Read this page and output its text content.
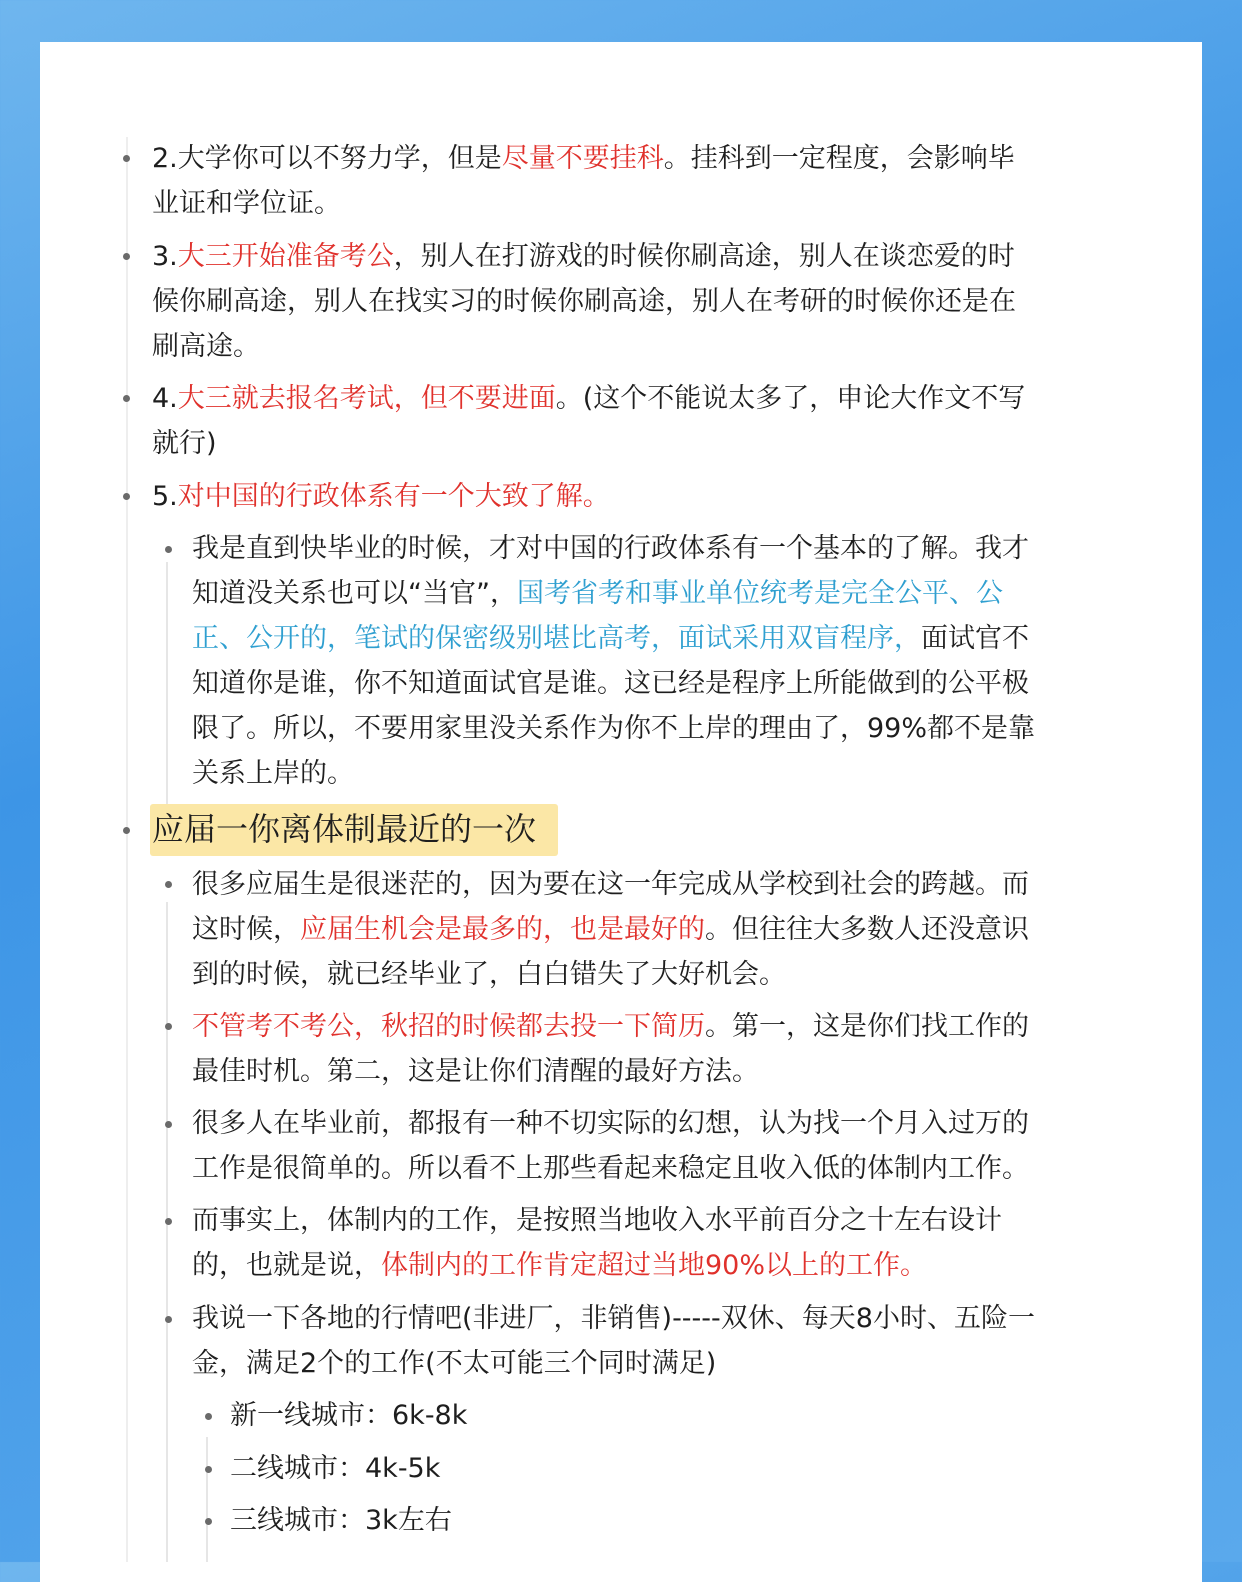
2.大学你可以不努力学，但是尽量不要挂科。挂科到一定程度，会影响毕
业证和学位证。
3.大三开始准备考公，别人在打游戏的时候你刷高途，别人在谈恋爱的时
候你刷高途，别人在找实习的时候你刷高途，别人在考研的时候你还是在
刷高途。
4.大三就去报名考试，但不要进面。(这个不能说太多了，申论大作文不写
就行)
5.对中国的行政体系有一个大致了解。
我是直到快毕业的时候，才对中国的行政体系有一个基本的了解。我才
知道没关系也可以“当官”，国考省考和事业单位统考是完全公平、公
正、公开的，笔试的保密级别堪比高考，面试采用双盲程序，面试官不
知道你是谁，你不知道面试官是谁。这已经是程序上所能做到的公平极
限了。所以，不要用家里没关系作为你不上岸的理由了，99%都不是靠
关系上岸的。
应届一你离体制最近的一次
很多应届生是很迷茫的，因为要在这一年完成从学校到社会的跨越。而
这时候，应届生机会是最多的，也是最好的。但往往大多数人还没意识
到的时候，就已经毕业了，白白错失了大好机会。
不管考不考公，秋招的时候都去投一下简历。第一，这是你们找工作的
最佳时机。第二，这是让你们清醒的最好方法。
很多人在毕业前，都报有一种不切实际的幻想，认为找一个月入过万的
工作是很简单的。所以看不上那些看起来稳定且收入低的体制内工作。
而事实上，体制内的工作，是按照当地收入水平前百分之十左右设计
的，也就是说，体制内的工作肯定超过当地90%以上的工作。
我说一下各地的行情吧(非进厂，非销售)-----双休、每天8小时、五险一
金，满足2个的工作(不太可能三个同时满足)
新一线城市：6k-8k
二线城市：4k-5k
三线城市：3k左右
